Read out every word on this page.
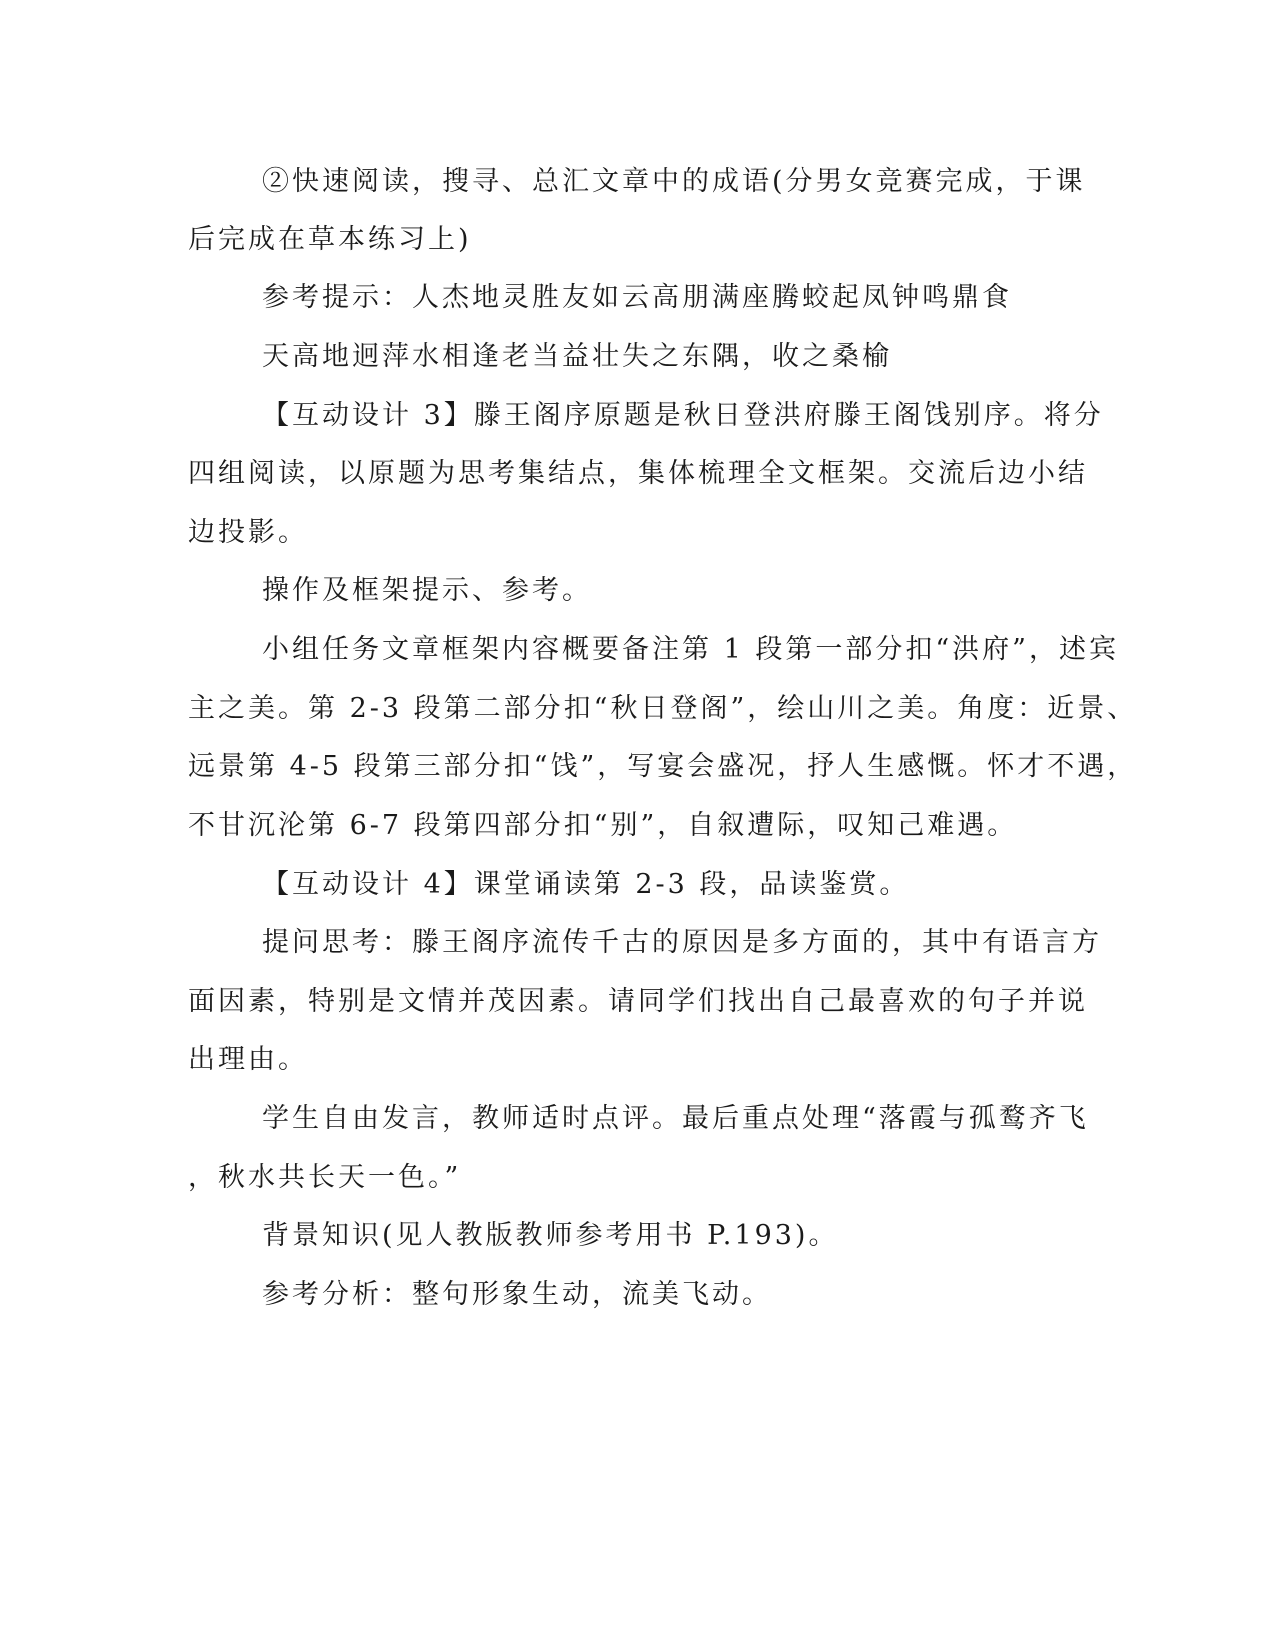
②快速阅读，搜寻、总汇文章中的成语(分男女竞赛完成，于课

后完成在草本练习上)

参考提示：人杰地灵胜友如云高朋满座腾蛟起凤钟鸣鼎食

天高地迥萍水相逢老当益壮失之东隅，收之桑榆

【互动设计 3】滕王阁序原题是秋日登洪府滕王阁饯别序。将分

四组阅读，以原题为思考集结点，集体梳理全文框架。交流后边小结

边投影。

操作及框架提示、参考。

小组任务文章框架内容概要备注第 1 段第一部分扣“洪府”，述宾

主之美。第 2-3 段第二部分扣“秋日登阁”，绘山川之美。角度：近景、

远景第 4-5 段第三部分扣“饯”，写宴会盛况，抒人生感慨。怀才不遇，

不甘沉沦第 6-7 段第四部分扣“别”，自叙遭际，叹知己难遇。

【互动设计 4】课堂诵读第 2-3 段，品读鉴赏。

提问思考：滕王阁序流传千古的原因是多方面的，其中有语言方

面因素，特别是文情并茂因素。请同学们找出自己最喜欢的句子并说

出理由。

学生自由发言，教师适时点评。最后重点处理“落霞与孤鹜齐飞

，秋水共长天一色。”

背景知识(见人教版教师参考用书 P.193)。

参考分析：整句形象生动，流美飞动。
